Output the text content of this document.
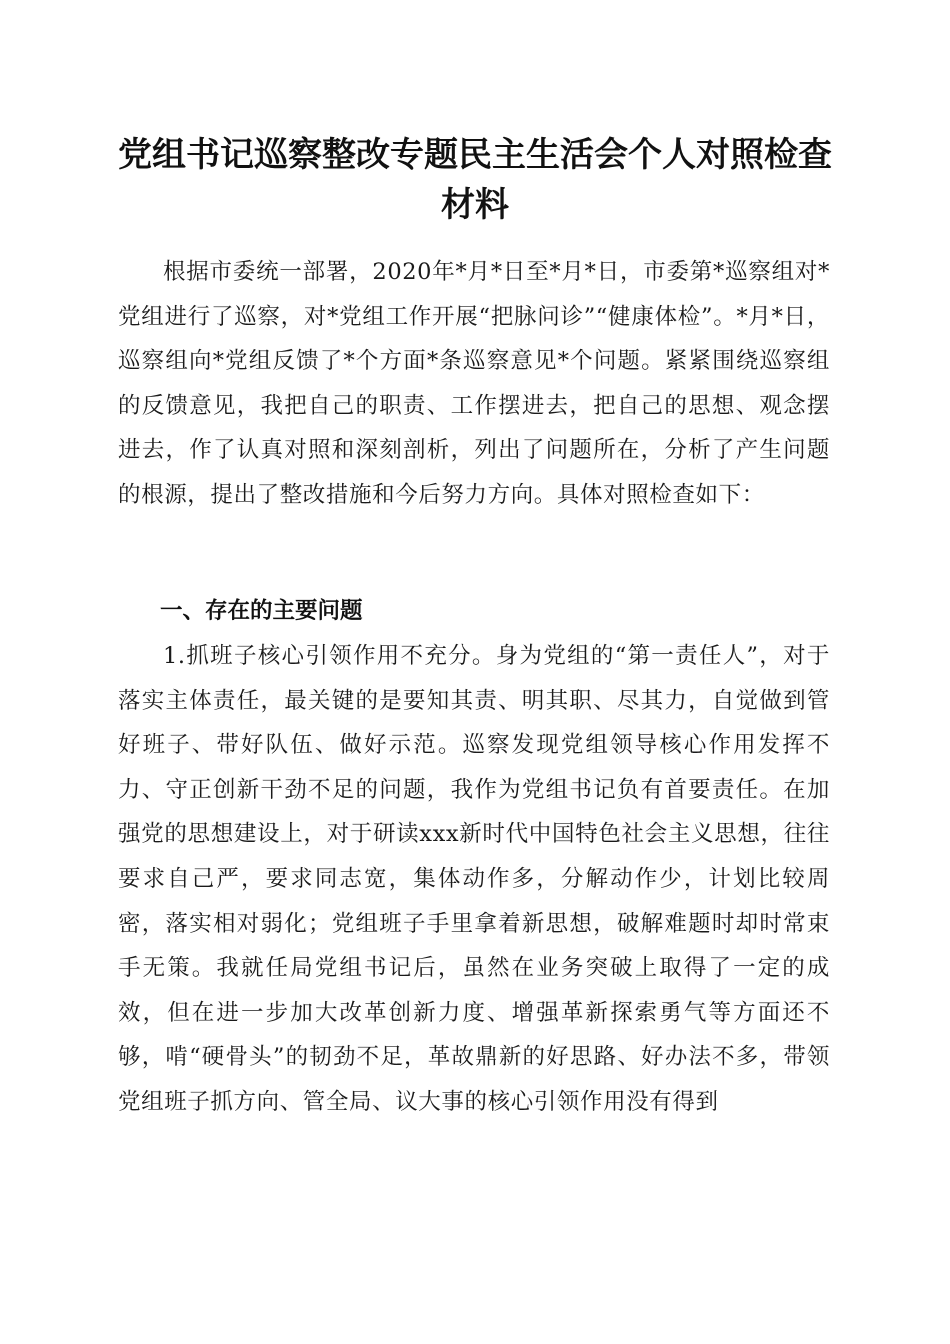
党组书记巡察整改专题民主生活会个人对照检查材料

根据市委统一部署，2020年*月*日至*月*日，市委第*巡察组对*党组进行了巡察，对*党组工作开展“把脉问诊”“健康体检”。*月*日，巡察组向*党组反馈了*个方面*条巡察意见*个问题。紧紧围绕巡察组的反馈意见，我把自己的职责、工作摆进去，把自己的思想、观念摆进去，作了认真对照和深刻剖析，列出了问题所在，分析了产生问题的根源，提出了整改措施和今后努力方向。具体对照检查如下：

一、存在的主要问题

1.抓班子核心引领作用不充分。身为党组的“第一责任人”，对于落实主体责任，最关键的是要知其责、明其职、尽其力，自觉做到管好班子、带好队伍、做好示范。巡察发现党组领导核心作用发挥不力、守正创新干劲不足的问题，我作为党组书记负有首要责任。在加强党的思想建设上，对于研读xxx新时代中国特色社会主义思想，往往要求自己严，要求同志宽，集体动作多，分解动作少，计划比较周密，落实相对弱化；党组班子手里拿着新思想，破解难题时却时常束手无策。我就任局党组书记后，虽然在业务突破上取得了一定的成效，但在进一步加大改革创新力度、增强革新探索勇气等方面还不够，啃“硬骨头”的韧劲不足，革故鼎新的好思路、好办法不多，带领党组班子抓方向、管全局、议大事的核心引领作用没有得到
